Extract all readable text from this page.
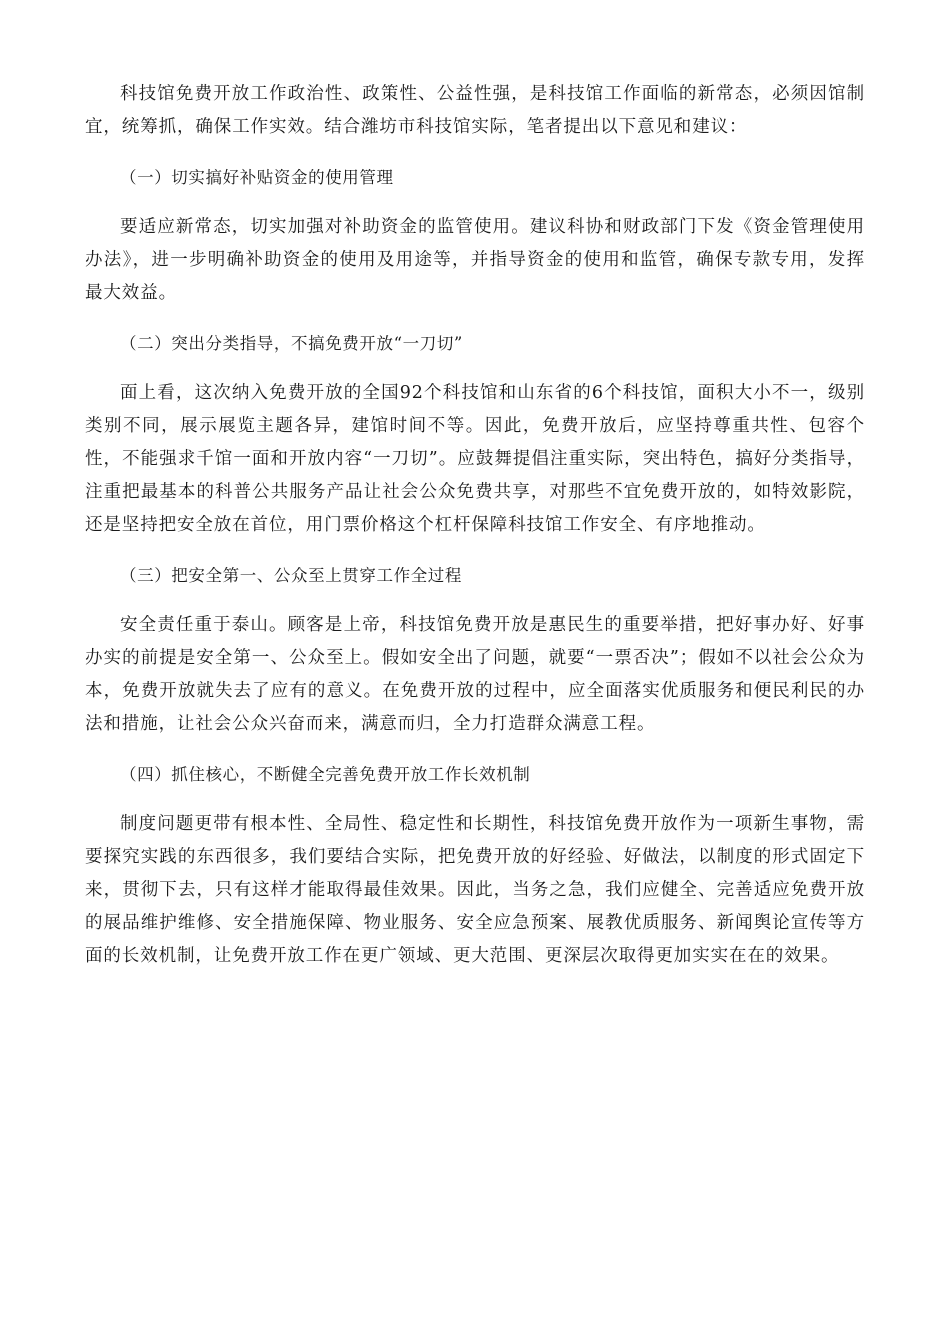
科技馆免费开放工作政治性、政策性、公益性强，是科技馆工作面临的新常态，必须因馆制宜，统筹抓，确保工作实效。结合潍坊市科技馆实际，笔者提出以下意见和建议：

（一）切实搞好补贴资金的使用管理

要适应新常态，切实加强对补助资金的监管使用。建议科协和财政部门下发《资金管理使用办法》，进一步明确补助资金的使用及用途等，并指导资金的使用和监管，确保专款专用，发挥最大效益。

（二）突出分类指导，不搞免费开放“一刀切”

面上看，这次纳入免费开放的全国92个科技馆和山东省的6个科技馆，面积大小不一，级别类别不同，展示展览主题各异，建馆时间不等。因此，免费开放后，应坚持尊重共性、包容个性，不能强求千馆一面和开放内容“一刀切”。应鼓舞提倡注重实际，突出特色，搞好分类指导，注重把最基本的科普公共服务产品让社会公众免费共享，对那些不宜免费开放的，如特效影院，还是坚持把安全放在首位，用门票价格这个杠杆保障科技馆工作安全、有序地推动。

（三）把安全第一、公众至上贯穿工作全过程

安全责任重于泰山。顾客是上帝，科技馆免费开放是惠民生的重要举措，把好事办好、好事办实的前提是安全第一、公众至上。假如安全出了问题，就要“一票否决”；假如不以社会公众为本，免费开放就失去了应有的意义。在免费开放的过程中，应全面落实优质服务和便民利民的办法和措施，让社会公众兴奋而来，满意而归，全力打造群众满意工程。

（四）抓住核心，不断健全完善免费开放工作长效机制

制度问题更带有根本性、全局性、稳定性和长期性，科技馆免费开放作为一项新生事物，需要探究实践的东西很多，我们要结合实际，把免费开放的好经验、好做法，以制度的形式固定下来，贯彻下去，只有这样才能取得最佳效果。因此，当务之急，我们应健全、完善适应免费开放的展品维护维修、安全措施保障、物业服务、安全应急预案、展教优质服务、新闻舆论宣传等方面的长效机制，让免费开放工作在更广领域、更大范围、更深层次取得更加实实在在的效果。
